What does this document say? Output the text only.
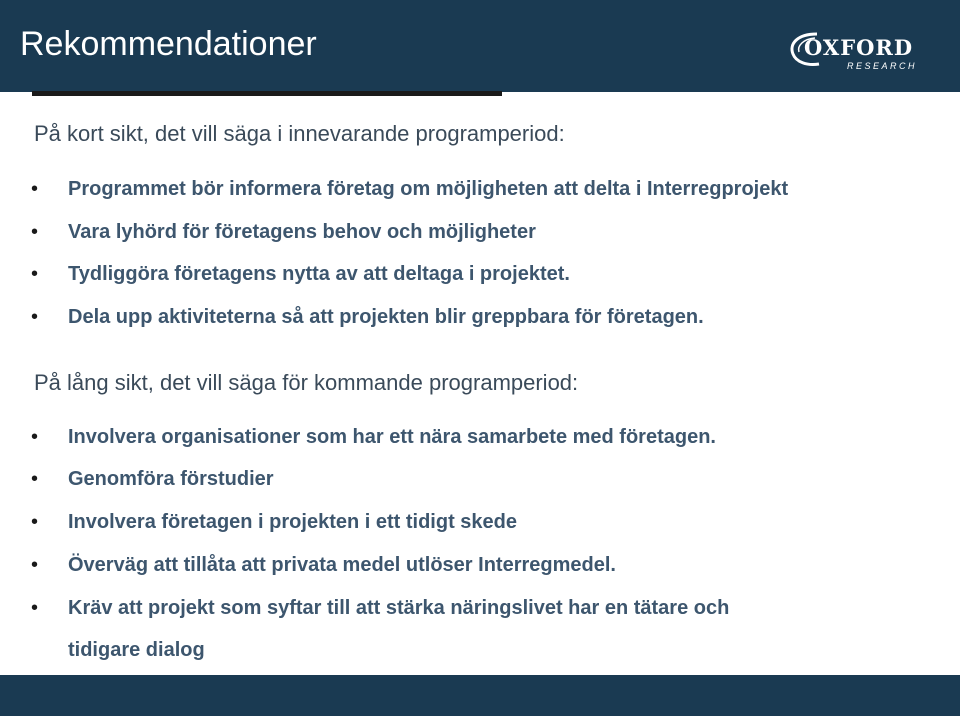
Rekommendationer	OXFORD
RESEARCH
På kort sikt, det vill säga i innevarande programperiod:
•	Programmet bör informera företag om möjligheten att delta i Interregprojekt
•	Vara lyhörd för företagens behov och möjligheter
•	Tydliggöra företagens nytta av att deltaga i projektet.
•	Dela upp aktiviteterna så att projekten blir greppbara för företagen.
På lång sikt, det vill säga för kommande programperiod:
•	Involvera organisationer som har ett nära samarbete med företagen.
•	Genomföra förstudier
•	Involvera företagen i projekten i ett tidigt skede
•	Överväg att tillåta att privata medel utlöser Interregmedel.
•	Kräv att projekt som syftar till att stärka näringslivet har en tätare och
tidigare dialog
